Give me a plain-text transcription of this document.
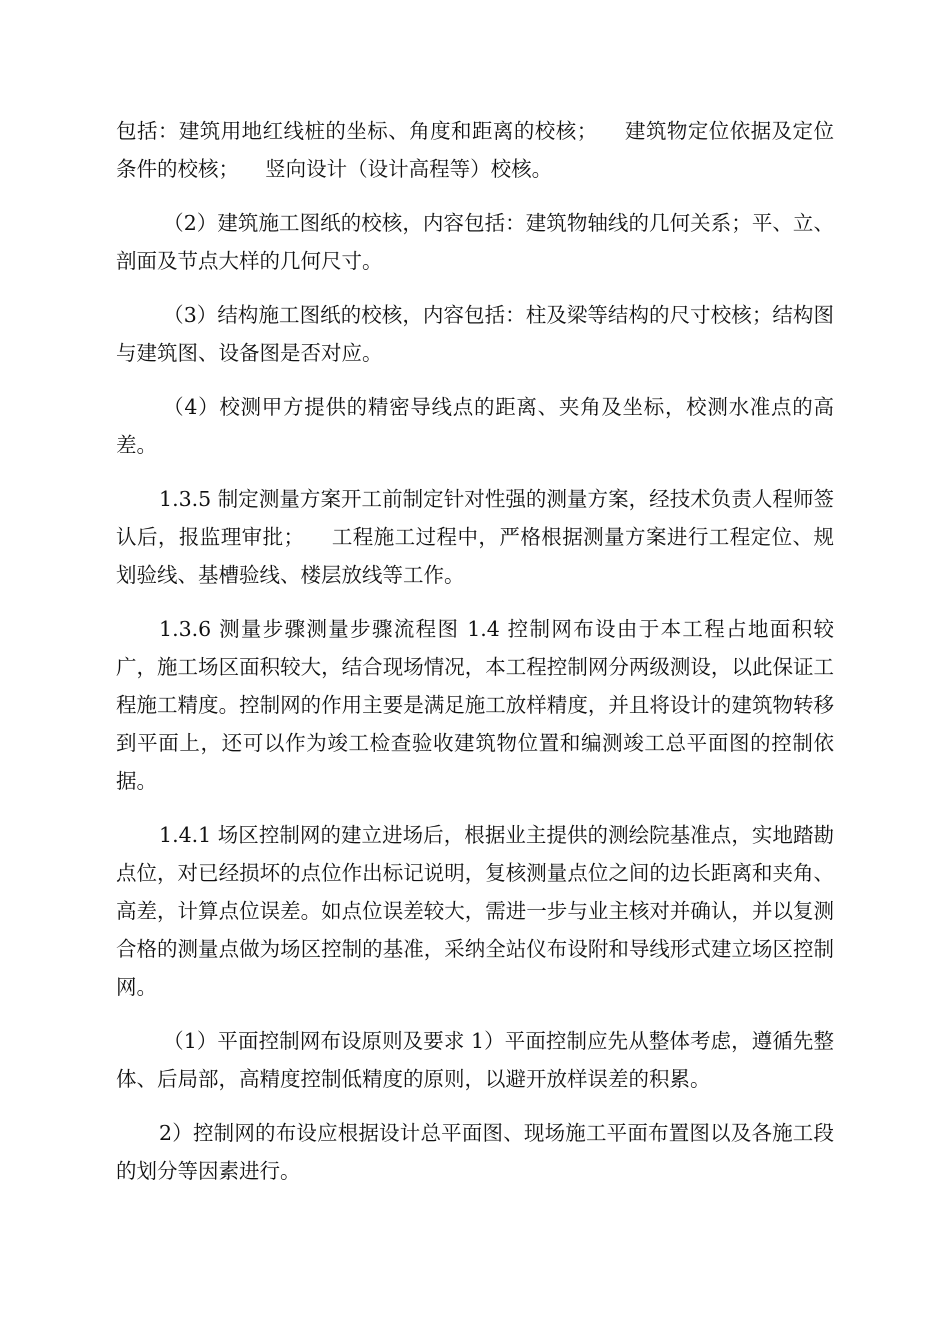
包括：建筑用地红线桩的坐标、角度和距离的校核；    建筑物定位依据及定位条件的校核；    竖向设计（设计高程等）校核。

（2）建筑施工图纸的校核，内容包括：建筑物轴线的几何关系；平、立、剖面及节点大样的几何尺寸。

（3）结构施工图纸的校核，内容包括：柱及梁等结构的尺寸校核；结构图与建筑图、设备图是否对应。

（4）校测甲方提供的精密导线点的距离、夹角及坐标，校测水准点的高差。

1.3.5 制定测量方案开工前制定针对性强的测量方案，经技术负责人程师签认后，报监理审批；    工程施工过程中，严格根据测量方案进行工程定位、规划验线、基槽验线、楼层放线等工作。

1.3.6 测量步骤测量步骤流程图 1.4 控制网布设由于本工程占地面积较广，施工场区面积较大，结合现场情况，本工程控制网分两级测设，以此保证工程施工精度。控制网的作用主要是满足施工放样精度，并且将设计的建筑物转移到平面上，还可以作为竣工检查验收建筑物位置和编测竣工总平面图的控制依据。

1.4.1 场区控制网的建立进场后，根据业主提供的测绘院基准点，实地踏勘点位，对已经损坏的点位作出标记说明，复核测量点位之间的边长距离和夹角、高差，计算点位误差。如点位误差较大，需进一步与业主核对并确认，并以复测合格的测量点做为场区控制的基准，采纳全站仪布设附和导线形式建立场区控制网。

（1）平面控制网布设原则及要求 1）平面控制应先从整体考虑，遵循先整体、后局部，高精度控制低精度的原则，以避开放样误差的积累。

2）控制网的布设应根据设计总平面图、现场施工平面布置图以及各施工段的划分等因素进行。
